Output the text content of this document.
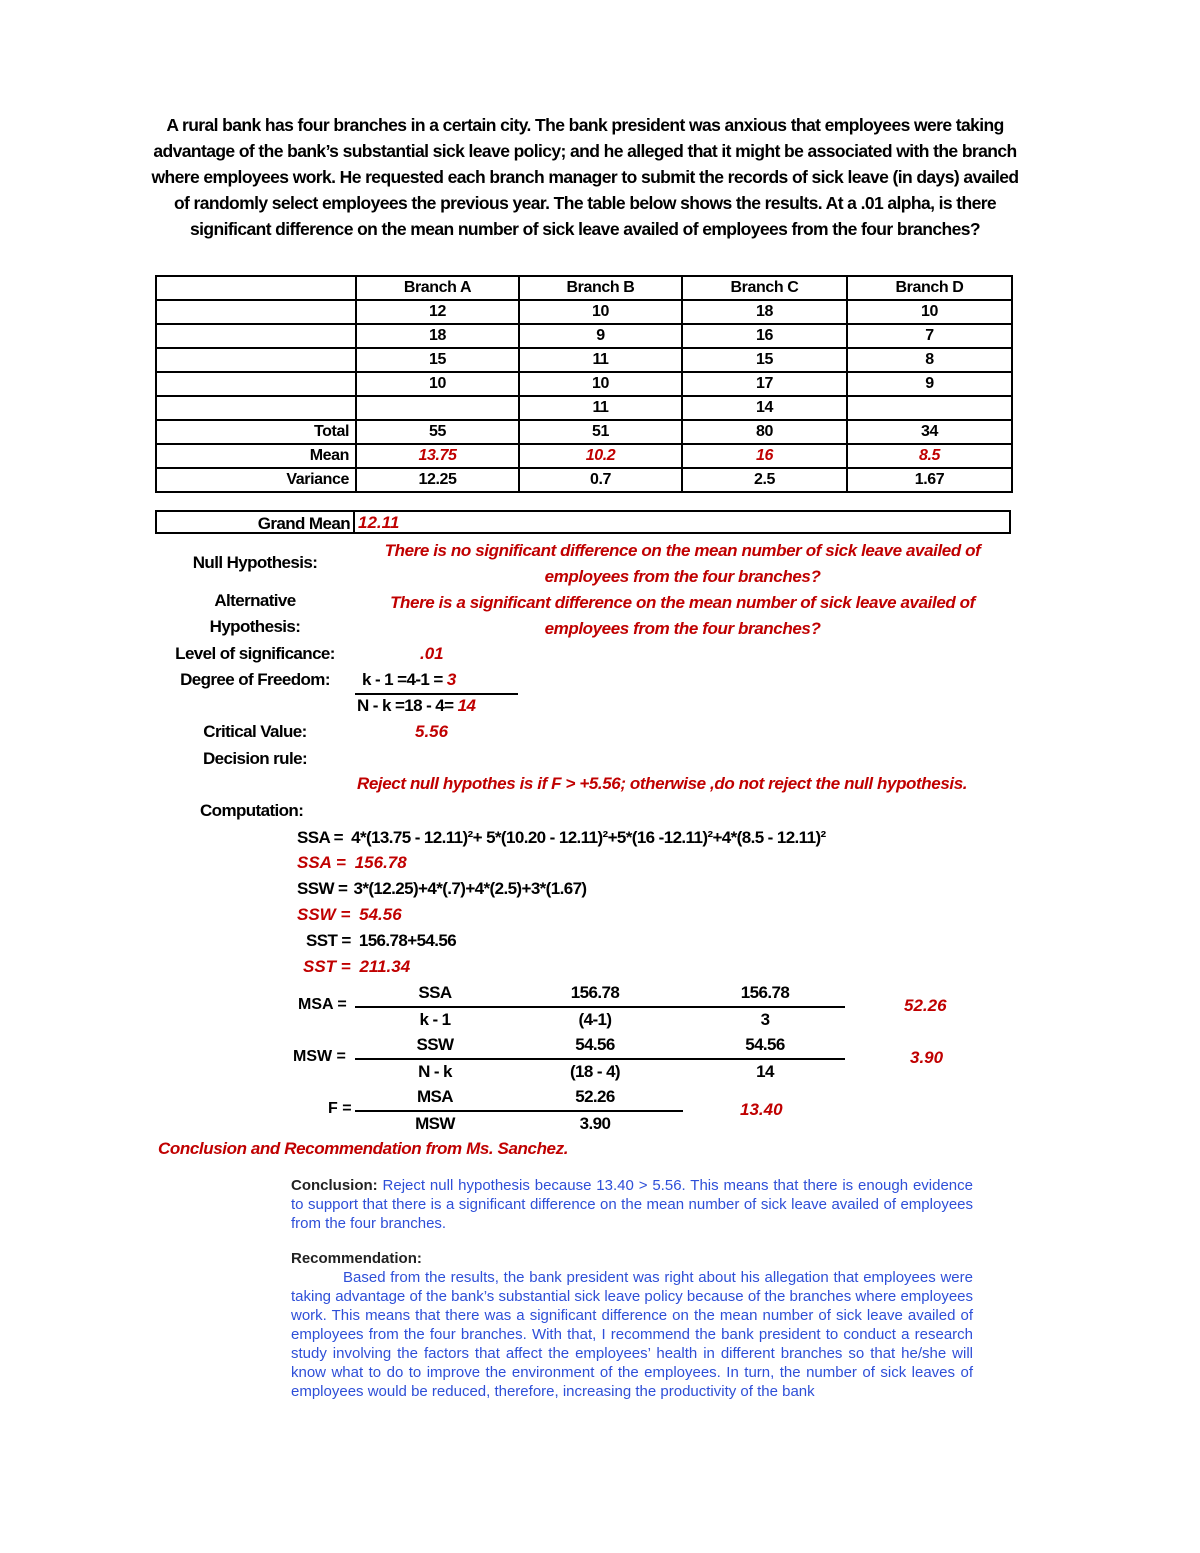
A rural bank has four branches in a certain city. The bank president was anxious that employees were taking advantage of the bank’s substantial sick leave policy; and he alleged that it might be associated with the branch where employees work. He requested each branch manager to submit the records of sick leave (in days) availed of randomly select employees the previous year. The table below shows the results. At a .01 alpha, is there significant difference on the mean number of sick leave availed of employees from the four branches?
	Branch A	Branch B	Branch C	Branch D
	12	10	18	10
	18	9	16	7
	15	11	15	8
	10	10	17	9
		11	14	
Total	55	51	80	34
Mean	13.75	10.2	16	8.5
Variance	12.25	0.7	2.5	1.67
Grand Mean 12.11
Null Hypothesis:
There is no significant difference on the mean number of sick leave availed of employees from the four branches?
Alternative
Hypothesis:
There is a significant difference on the mean number of sick leave availed of employees from the four branches?
Level of significance:	.01
Degree of Freedom:	k - 1 =4-1 = 3
N - k =18 - 4= 14
Critical Value:	5.56
Decision rule:
Reject null hypothes is if F > +5.56; otherwise ,do not reject the null hypothesis.
Computation:
SSA = 4*(13.75 - 12.11)²+ 5*(10.20 - 12.11)²+5*(16 -12.11)²+4*(8.5 - 12.11)²
SSA = 156.78
SSW = 3*(12.25)+4*(.7)+4*(2.5)+3*(1.67)
SSW = 54.56
SST = 156.78+54.56
SST = 211.34
MSA =
SSA	156.78	156.78
k - 1	(4-1)	3
52.26
MSW =
SSW	54.56	54.56
N - k	(18 - 4)	14
3.90
F =
MSA	52.26
MSW	3.90
13.40
Conclusion and Recommendation from Ms. Sanchez.
Conclusion: Reject null hypothesis because 13.40 > 5.56. This means that there is enough evidence to support that there is a significant difference on the mean number of sick leave availed of employees from the four branches.
Recommendation:
Based from the results, the bank president was right about his allegation that employees were taking advantage of the bank’s substantial sick leave policy because of the branches where employees work. This means that there was a significant difference on the mean number of sick leave availed of employees from the four branches. With that, I recommend the bank president to conduct a research study involving the factors that affect the employees’ health in different branches so that he/she will know what to do to improve the environment of the employees. In turn, the number of sick leaves of employees would be reduced, therefore, increasing the productivity of the bank
